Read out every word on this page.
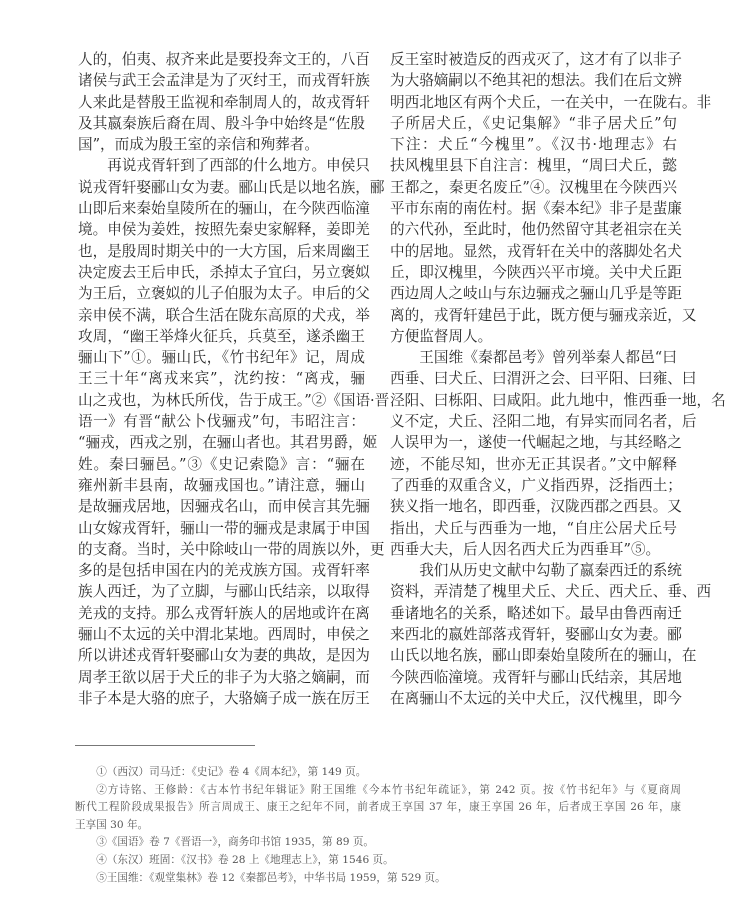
人的，伯夷、叔齐来此是要投奔文王的，八百
诸侯与武王会孟津是为了灭纣王，而戎胥轩族
人来此是替殷王监视和牵制周人的，故戎胥轩
及其嬴秦族后裔在周、殷斗争中始终是“佐殷
国”，而成为殷王室的亲信和殉葬者。
再说戎胥轩到了西部的什么地方。申侯只
说戎胥轩娶郦山女为妻。郦山氏是以地名族，郦
山即后来秦始皇陵所在的骊山，在今陕西临潼
境。申侯为姜姓，按照先秦史家解释，姜即羌
也，是殷周时期关中的一大方国，后来周幽王
决定废去王后申氏，杀掉太子宜臼，另立褒姒
为王后，立褒姒的儿子伯服为太子。申后的父
亲申侯不满，联合生活在陇东高原的犬戎，举
攻周，“幽王举烽火征兵，兵莫至，遂杀幽王
骊山下”①。骊山氏，《竹书纪年》记，周成
王三十年“离戎来宾”，沈约按：“离戎，骊
山之戎也，为林氏所伐，告于成王。”②《国语·晋
语一》有晋“献公卜伐骊戎”句，韦昭注言：
“骊戎，西戎之别，在骊山者也。其君男爵，姬
姓。秦曰骊邑。”③《史记索隐》言：“骊在
雍州新丰县南，故骊戎国也。”请注意，骊山
是故骊戎居地，因骊戎名山，而申侯言其先骊
山女嫁戎胥轩，骊山一带的骊戎是隶属于申国
的支裔。当时，关中除岐山一带的周族以外，更
多的是包括申国在内的羌戎族方国。戎胥轩率
族人西迁，为了立脚，与郦山氏结亲，以取得
羌戎的支持。那么戎胥轩族人的居地或许在离
骊山不太远的关中渭北某地。西周时，申侯之
所以讲述戎胥轩娶郦山女为妻的典故，是因为
周孝王欲以居于犬丘的非子为大骆之嫡嗣，而
非子本是大骆的庶子，大骆嫡子成一族在厉王
反王室时被造反的西戎灭了，这才有了以非子
为大骆嫡嗣以不绝其祀的想法。我们在后文辨
明西北地区有两个犬丘，一在关中，一在陇右。非
子所居犬丘，《史记集解》“非子居犬丘”句
下注：犬丘“今槐里”。《汉书·地理志》右
扶风槐里县下自注言：槐里，“周曰犬丘，懿
王都之，秦更名废丘”④。汉槐里在今陕西兴
平市东南的南佐村。据《秦本纪》非子是蜚廉
的六代孙，至此时，他仍然留守其老祖宗在关
中的居地。显然，戎胥轩在关中的落脚处名犬
丘，即汉槐里，今陕西兴平市境。关中犬丘距
西边周人之岐山与东边骊戎之骊山几乎是等距
离的，戎胥轩建邑于此，既方便与骊戎亲近，又
方便监督周人。
王国维《秦都邑考》曾列举秦人都邑“曰
西垂、曰犬丘、曰渭汧之会、曰平阳、曰雍、曰
泾阳、曰栎阳、曰咸阳。此九地中，惟西垂一地，名
义不定，犬丘、泾阳二地，有异实而同名者，后
人误甲为一，遂使一代崛起之地，与其经略之
迹，不能尽知，世亦无正其误者。”文中解释
了西垂的双重含义，广义指西界，泛指西土；
狭义指一地名，即西垂，汉陇西郡之西县。又
指出，犬丘与西垂为一地，“自庄公居犬丘号
西垂大夫，后人因名西犬丘为西垂耳”⑤。
我们从历史文献中勾勒了嬴秦西迁的系统
资料，弄清楚了槐里犬丘、犬丘、西犬丘、垂、西
垂诸地名的关系，略述如下。最早由鲁西南迁
来西北的嬴姓部落戎胥轩，娶郦山女为妻。郦
山氏以地名族，郦山即秦始皇陵所在的骊山，在
今陕西临潼境。戎胥轩与郦山氏结亲，其居地
在离骊山不太远的关中犬丘，汉代槐里，即今
①（西汉）司马迁：《史记》卷 4《周本纪》，第 149 页。
②方诗铭、王修龄：《古本竹书纪年辑证》附王国维《今本竹书纪年疏证》，第 242 页。按《竹书纪年》与《夏商周
断代工程阶段成果报告》所言周成王、康王之纪年不同，前者成王享国 37 年，康王享国 26 年，后者成王享国 26 年，康
王享国 30 年。
③《国语》卷 7《晋语一》，商务印书馆 1935，第 89 页。
④（东汉）班固：《汉书》卷 28 上《地理志上》，第 1546 页。
⑤王国维：《观堂集林》卷 12《秦都邑考》，中华书局 1959，第 529 页。
